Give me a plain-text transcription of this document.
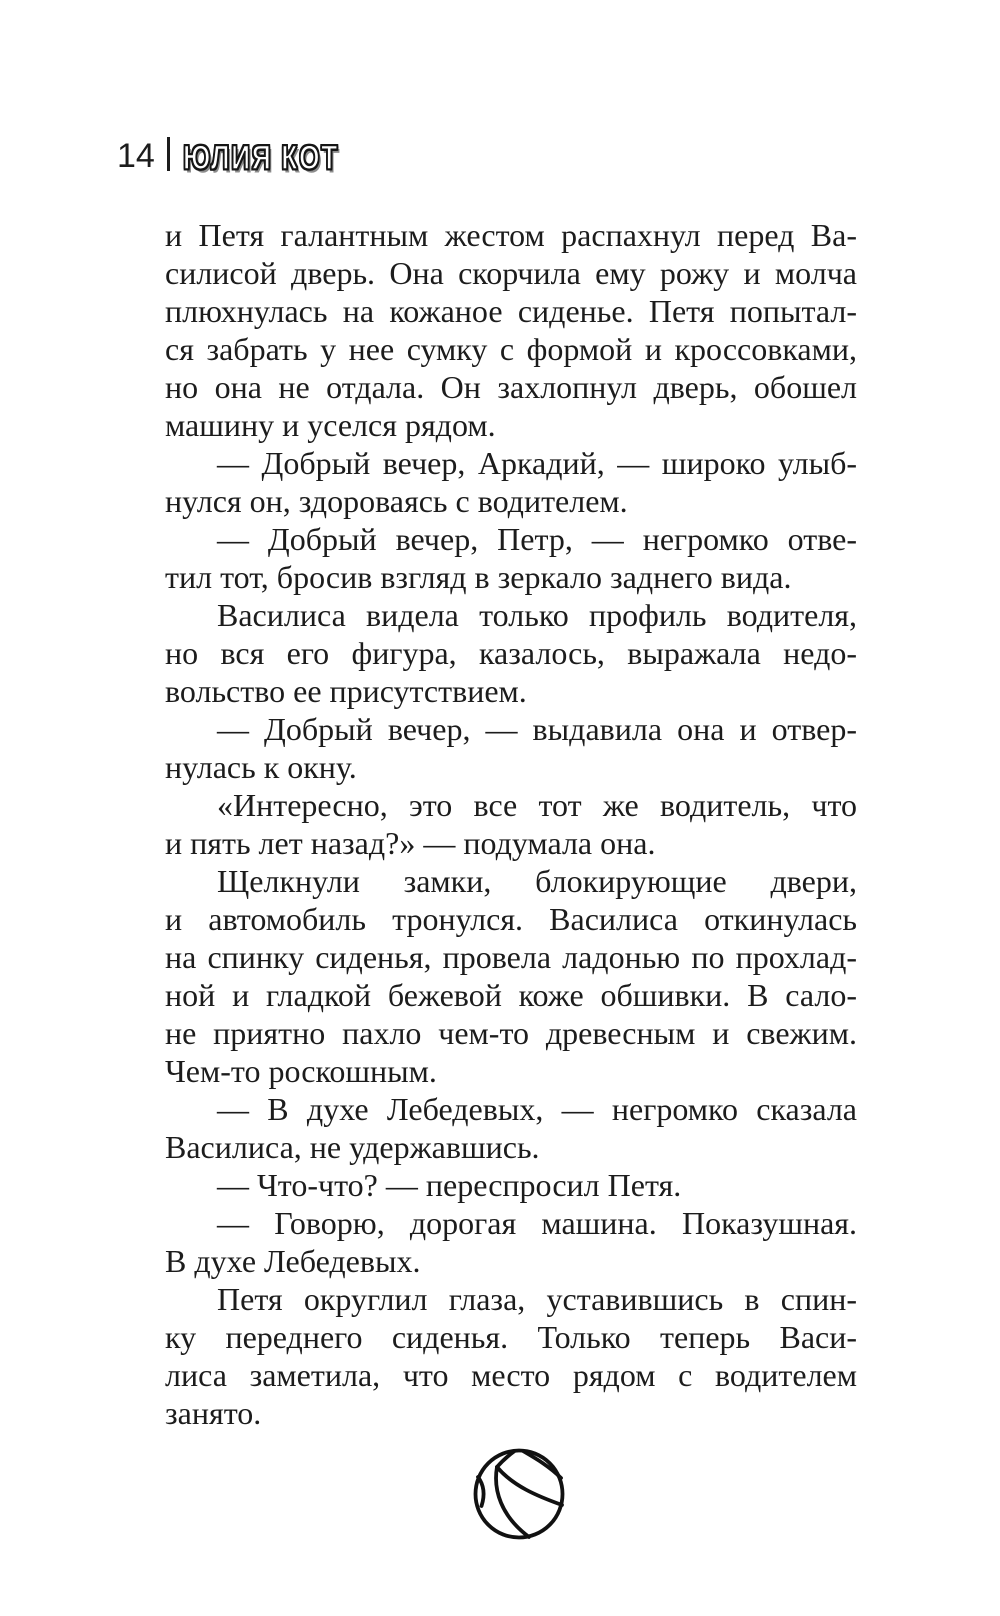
14 ЮЛИЯ КОТ
и Петя галантным жестом распахнул перед Ва-
силисой дверь. Она скорчила ему рожу и молча
плюхнулась на кожаное сиденье. Петя попытал-
ся забрать у нее сумку с формой и кроссовками,
но она не отдала. Он захлопнул дверь, обошел
машину и уселся рядом.
— Добрый вечер, Аркадий, — широко улыб-
нулся он, здороваясь с водителем.
— Добрый вечер, Петр, — негромко отве-
тил тот, бросив взгляд в зеркало заднего вида.
Василиса видела только профиль водителя,
но вся его фигура, казалось, выражала недо-
вольство ее присутствием.
— Добрый вечер, — выдавила она и отвер-
нулась к окну.
«Интересно, это все тот же водитель, что
и пять лет назад?» — подумала она.
Щелкнули замки, блокирующие двери,
и автомобиль тронулся. Василиса откинулась
на спинку сиденья, провела ладонью по прохлад-
ной и гладкой бежевой коже обшивки. В сало-
не приятно пахло чем-то древесным и свежим.
Чем-то роскошным.
— В духе Лебедевых, — негромко сказала
Василиса, не удержавшись.
— Что-что? — переспросил Петя.
— Говорю, дорогая машина. Показушная.
В духе Лебедевых.
Петя округлил глаза, уставившись в спин-
ку переднего сиденья. Только теперь Васи-
лиса заметила, что место рядом с водителем
занято.
